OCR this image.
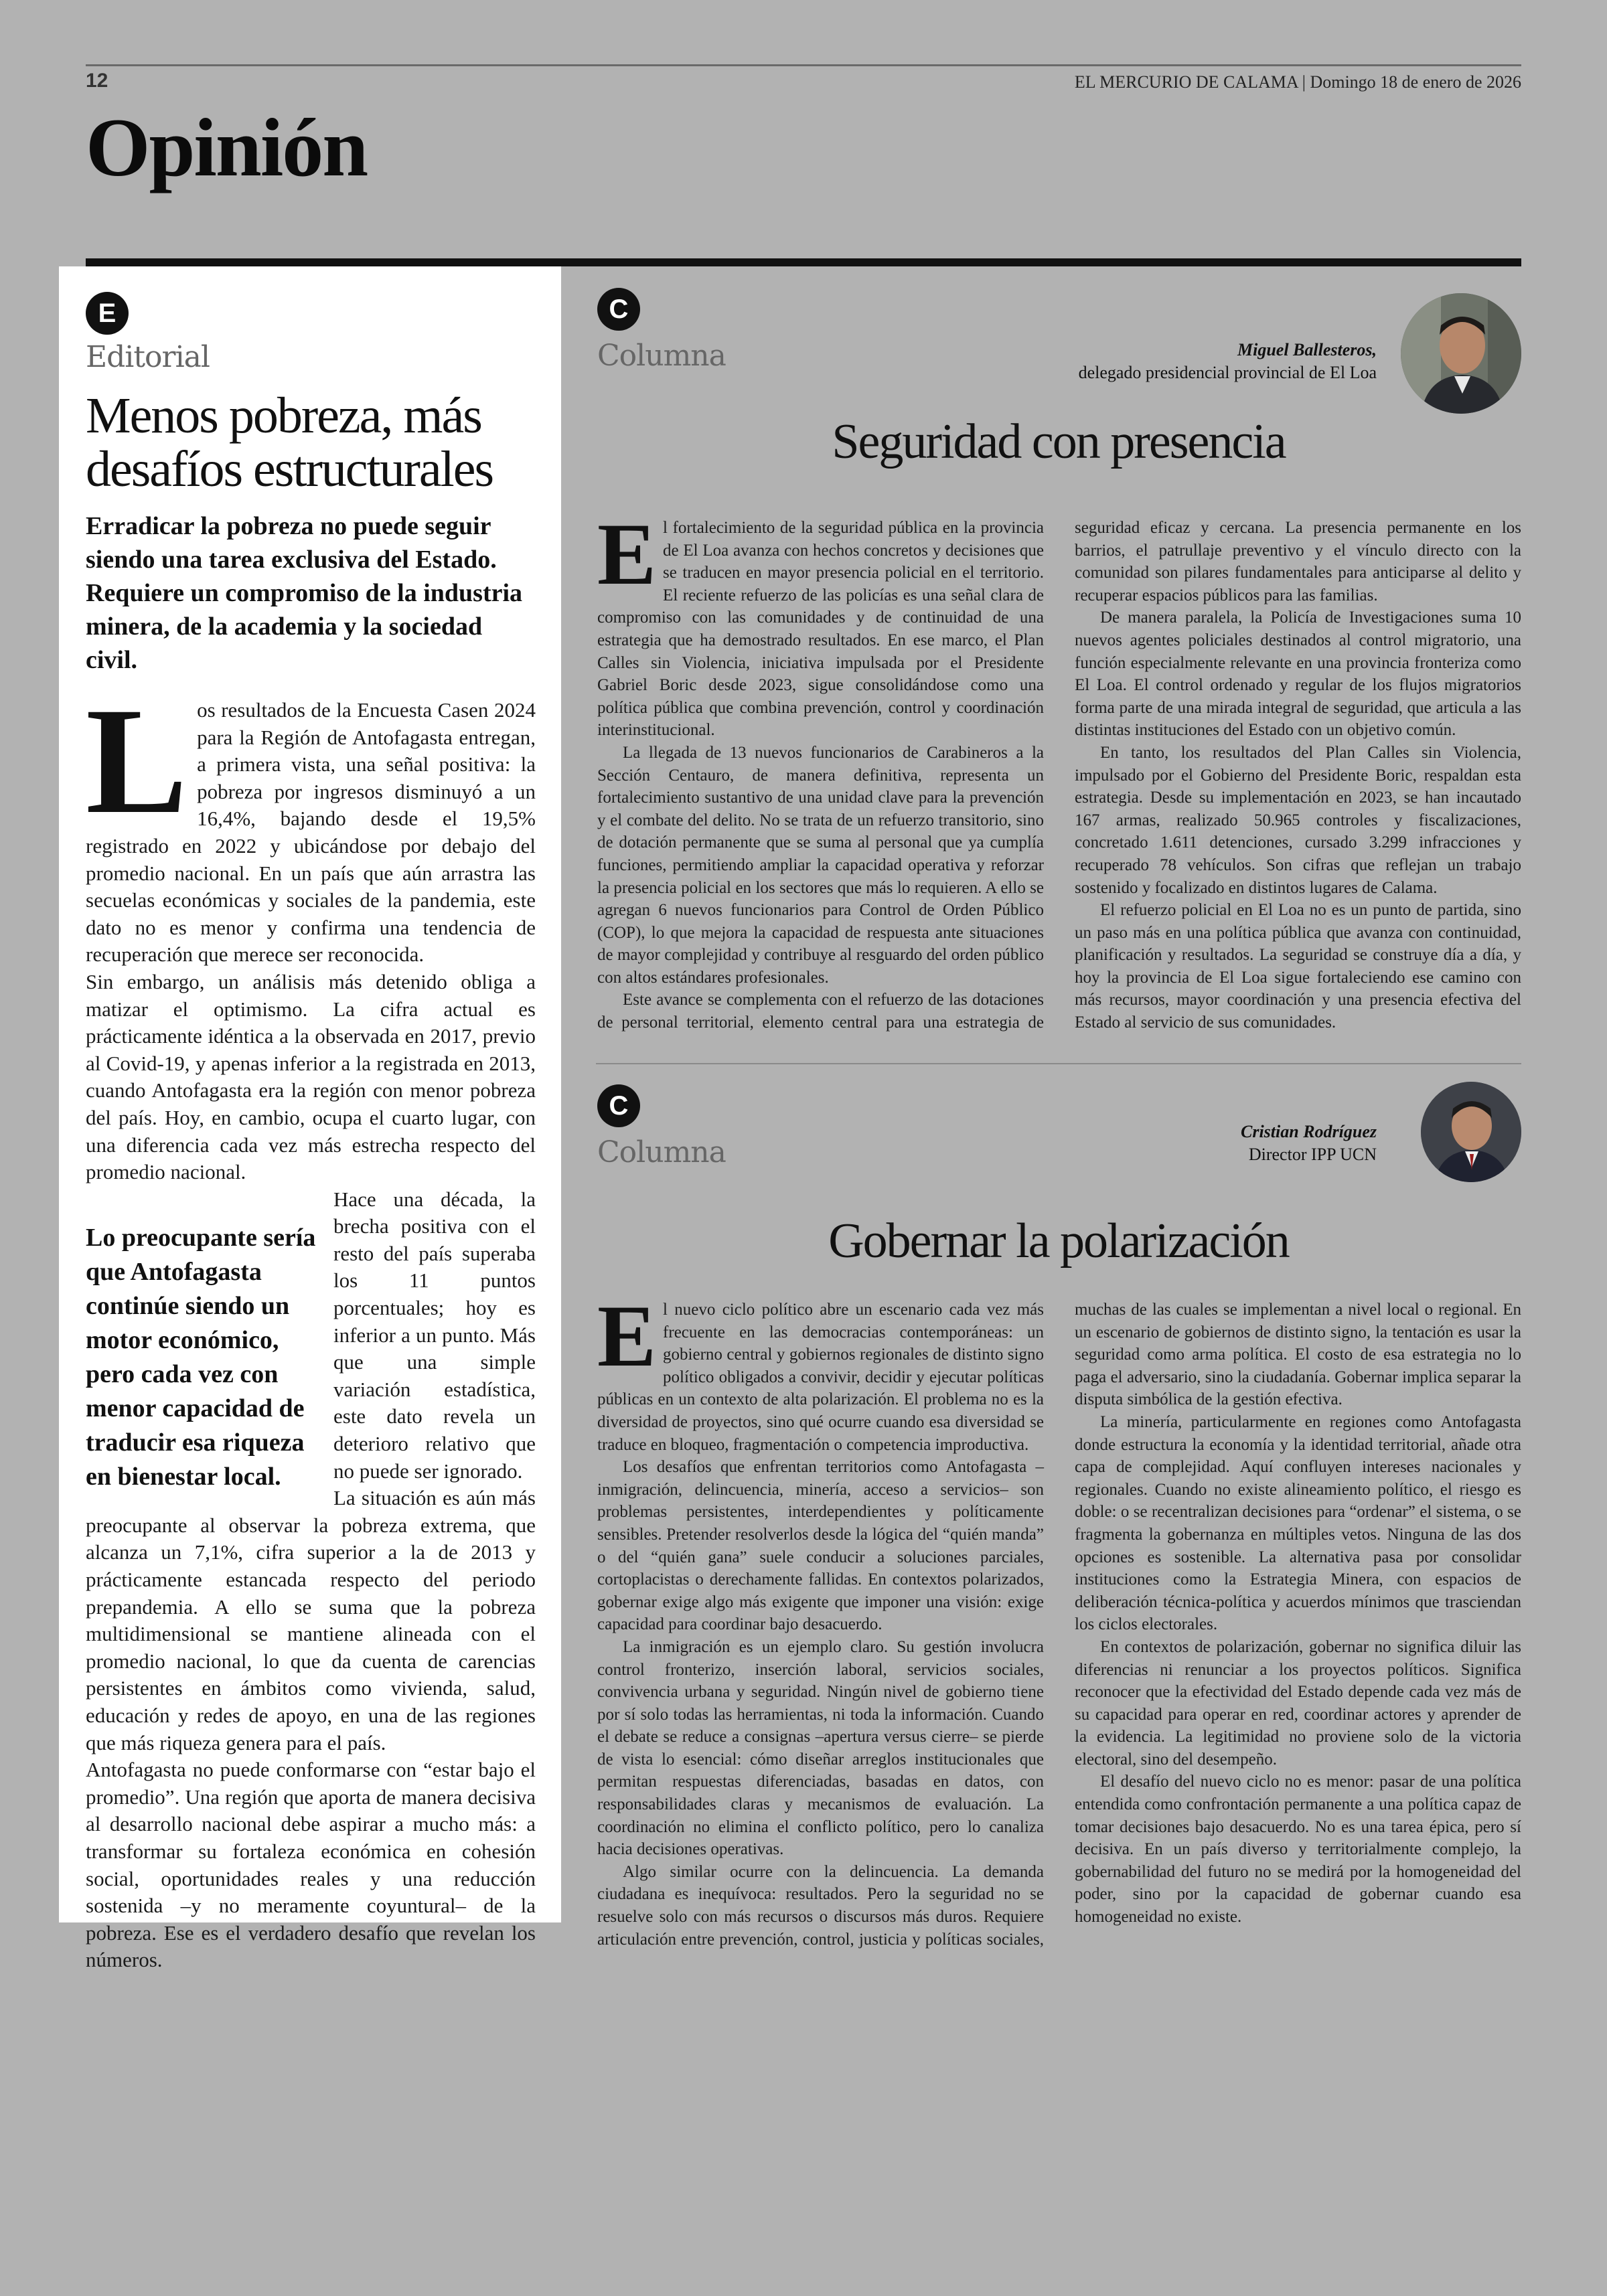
12	EL MERCURIO DE CALAMA | Domingo 18 de enero de 2026
Opinión
E
Editorial
Menos pobreza, más desafíos estructurales
Erradicar la pobreza no puede seguir siendo una tarea exclusiva del Estado. Requiere un compromiso de la industria minera, de la academia y la sociedad civil.
L os resultados de la Encuesta Casen 2024 para la Región de Antofagasta entregan, a primera vista, una señal positiva: la pobreza por ingresos disminuyó a un 16,4%, bajando desde el 19,5% registrado en 2022 y ubicándose por debajo del promedio nacional. En un país que aún arrastra las secuelas económicas y sociales de la pandemia, este dato no es menor y confirma una tendencia de recuperación que merece ser reconocida.

Sin embargo, un análisis más detenido obliga a matizar el optimismo. La cifra actual es prácticamente idéntica a la observada en 2017, previo al Covid-19, y apenas inferior a la registrada en 2013, cuando Antofagasta era la región con menor pobreza del país. Hoy, en cambio, ocupa el cuarto lugar, con una diferencia cada vez más estrecha respecto del promedio nacional.

Lo preocupante sería que Antofagasta continúe siendo un motor económico, pero cada vez con menor capacidad de traducir esa riqueza en bienestar local.

Hace una década, la brecha positiva con el resto del país superaba los 11 puntos porcentuales; hoy es inferior a un punto. Más que una simple variación estadística, este dato revela un deterioro relativo que no puede ser ignorado.

La situación es aún más preocupante al observar la pobreza extrema, que alcanza un 7,1%, cifra superior a la de 2013 y prácticamente estancada respecto del periodo prepandemia. A ello se suma que la pobreza multidimensional se mantiene alineada con el promedio nacional, lo que da cuenta de carencias persistentes en ámbitos como vivienda, salud, educación y redes de apoyo, en una de las regiones que más riqueza genera para el país.

Antofagasta no puede conformarse con “estar bajo el promedio”. Una región que aporta de manera decisiva al desarrollo nacional debe aspirar a mucho más: a transformar su fortaleza económica en cohesión social, oportunidades reales y una reducción sostenida –y no meramente coyuntural– de la pobreza. Ese es el verdadero desafío que revelan los números.

C
Columna	Miguel Ballesteros,
delegado presidencial provincial de El Loa
Seguridad con presencia
E l fortalecimiento de la seguridad pública en la provincia de El Loa avanza con hechos concretos y decisiones que se traducen en mayor presencia policial en el territorio. El reciente refuerzo de las policías es una señal clara de compromiso con las comunidades y de continuidad de una estrategia que ha demostrado resultados. En ese marco, el Plan Calles sin Violencia, iniciativa impulsada por el Presidente Gabriel Boric desde 2023, sigue consolidándose como una política pública que combina prevención, control y coordinación interinstitucional.

La llegada de 13 nuevos funcionarios de Carabineros a la Sección Centauro, de manera definitiva, representa un fortalecimiento sustantivo de una unidad clave para la prevención y el combate del delito. No se trata de un refuerzo transitorio, sino de dotación permanente que se suma al personal que ya cumplía funciones, permitiendo ampliar la capacidad operativa y reforzar la presencia policial en los sectores que más lo requieren. A ello se agregan 6 nuevos funcionarios para Control de Orden Público (COP), lo que mejora la capacidad de respuesta ante situaciones de mayor complejidad y contribuye al resguardo del orden público con altos estándares profesionales.

Este avance se complementa con el refuerzo de las dotaciones de personal territorial, elemento central para una estrategia de seguridad eficaz y cercana. La presencia permanente en los barrios, el patrullaje preventivo y el vínculo directo con la comunidad son pilares fundamentales para anticiparse al delito y recuperar espacios públicos para las familias.

De manera paralela, la Policía de Investigaciones suma 10 nuevos agentes policiales destinados al control migratorio, una función especialmente relevante en una provincia fronteriza como El Loa. El control ordenado y regular de los flujos migratorios forma parte de una mirada integral de seguridad, que articula a las distintas instituciones del Estado con un objetivo común.

En tanto, los resultados del Plan Calles sin Violencia, impulsado por el Gobierno del Presidente Boric, respaldan esta estrategia. Desde su implementación en 2023, se han incautado 167 armas, realizado 50.965 controles y fiscalizaciones, concretado 1.611 detenciones, cursado 3.299 infracciones y recuperado 78 vehículos. Son cifras que reflejan un trabajo sostenido y focalizado en distintos lugares de Calama.

El refuerzo policial en El Loa no es un punto de partida, sino un paso más en una política pública que avanza con continuidad, planificación y resultados. La seguridad se construye día a día, y hoy la provincia de El Loa sigue fortaleciendo ese camino con más recursos, mayor coordinación y una presencia efectiva del Estado al servicio de sus comunidades.

C
Columna
Cristian Rodríguez
Director IPP UCN
Gobernar la polarización
E l nuevo ciclo político abre un escenario cada vez más frecuente en las democracias contemporáneas: un gobierno central y gobiernos regionales de distinto signo político obligados a convivir, decidir y ejecutar políticas públicas en un contexto de alta polarización. El problema no es la diversidad de proyectos, sino qué ocurre cuando esa diversidad se traduce en bloqueo, fragmentación o competencia improductiva.

Los desafíos que enfrentan territorios como Antofagasta –inmigración, delincuencia, minería, acceso a servicios– son problemas persistentes, interdependientes y políticamente sensibles. Pretender resolverlos desde la lógica del “quién manda” o del “quién gana” suele conducir a soluciones parciales, cortoplacistas o derechamente fallidas. En contextos polarizados, gobernar exige algo más exigente que imponer una visión: exige capacidad para coordinar bajo desacuerdo.

La inmigración es un ejemplo claro. Su gestión involucra control fronterizo, inserción laboral, servicios sociales, convivencia urbana y seguridad. Ningún nivel de gobierno tiene por sí solo todas las herramientas, ni toda la información. Cuando el debate se reduce a consignas –apertura versus cierre– se pierde de vista lo esencial: cómo diseñar arreglos institucionales que permitan respuestas diferenciadas, basadas en datos, con responsabilidades claras y mecanismos de evaluación. La coordinación no elimina el conflicto político, pero lo canaliza hacia decisiones operativas.

Algo similar ocurre con la delincuencia. La demanda ciudadana es inequívoca: resultados. Pero la seguridad no se resuelve solo con más recursos o discursos más duros. Requiere articulación entre prevención, control, justicia y políticas sociales, muchas de las cuales se implementan a nivel local o regional. En un escenario de gobiernos de distinto signo, la tentación es usar la seguridad como arma política. El costo de esa estrategia no lo paga el adversario, sino la ciudadanía. Gobernar implica separar la disputa simbólica de la gestión efectiva.

La minería, particularmente en regiones como Antofagasta donde estructura la economía y la identidad territorial, añade otra capa de complejidad. Aquí confluyen intereses nacionales y regionales. Cuando no existe alineamiento político, el riesgo es doble: o se recentralizan decisiones para “ordenar” el sistema, o se fragmenta la gobernanza en múltiples vetos. Ninguna de las dos opciones es sostenible. La alternativa pasa por consolidar instituciones como la Estrategia Minera, con espacios de deliberación técnica-política y acuerdos mínimos que trasciendan los ciclos electorales.

En contextos de polarización, gobernar no significa diluir las diferencias ni renunciar a los proyectos políticos. Significa reconocer que la efectividad del Estado depende cada vez más de su capacidad para operar en red, coordinar actores y aprender de la evidencia. La legitimidad no proviene solo de la victoria electoral, sino del desempeño.

El desafío del nuevo ciclo no es menor: pasar de una política entendida como confrontación permanente a una política capaz de tomar decisiones bajo desacuerdo. No es una tarea épica, pero sí decisiva. En un país diverso y territorialmente complejo, la gobernabilidad del futuro no se medirá por la homogeneidad del poder, sino por la capacidad de gobernar cuando esa homogeneidad no existe.
